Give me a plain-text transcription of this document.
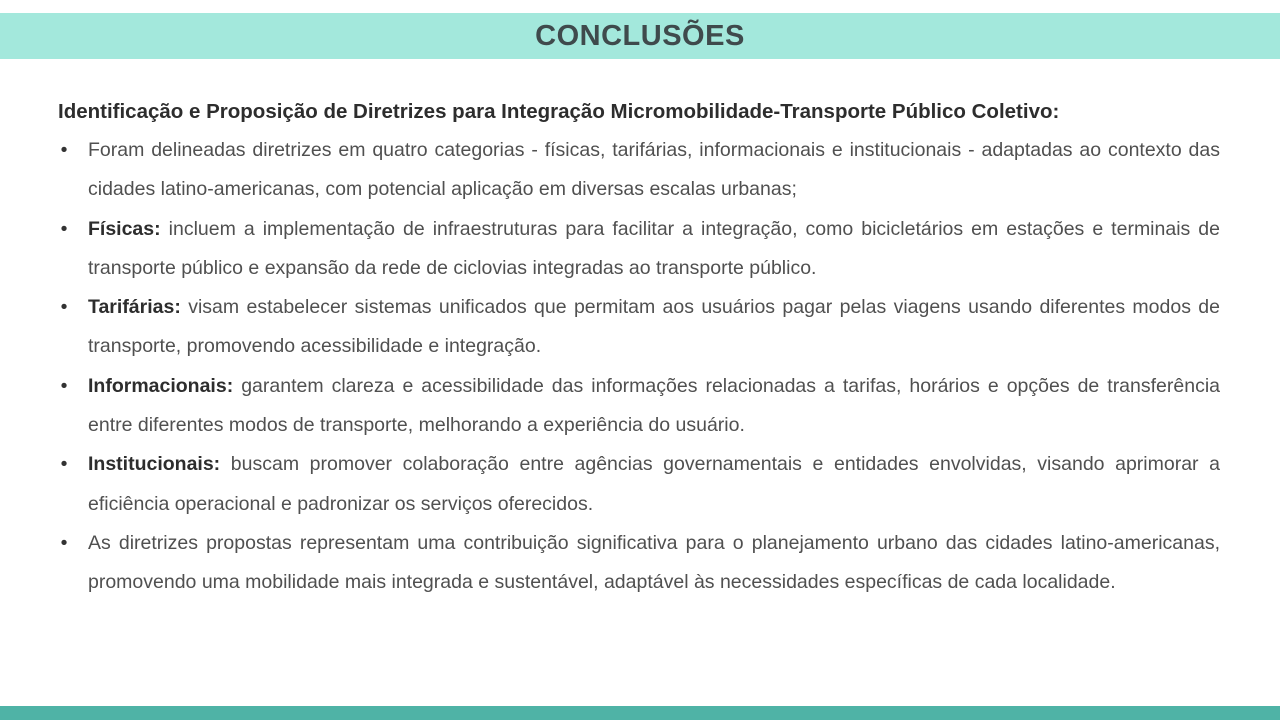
CONCLUSÕES

Identificação e Proposição de Diretrizes para Integração Micromobilidade-Transporte Público Coletivo:

• Foram delineadas diretrizes em quatro categorias - físicas, tarifárias, informacionais e institucionais - adaptadas ao contexto das cidades latino-americanas, com potencial aplicação em diversas escalas urbanas;
• Físicas: incluem a implementação de infraestruturas para facilitar a integração, como bicicletários em estações e terminais de transporte público e expansão da rede de ciclovias integradas ao transporte público.
• Tarifárias: visam estabelecer sistemas unificados que permitam aos usuários pagar pelas viagens usando diferentes modos de transporte, promovendo acessibilidade e integração.
• Informacionais: garantem clareza e acessibilidade das informações relacionadas a tarifas, horários e opções de transferência entre diferentes modos de transporte, melhorando a experiência do usuário.
• Institucionais: buscam promover colaboração entre agências governamentais e entidades envolvidas, visando aprimorar a eficiência operacional e padronizar os serviços oferecidos.
• As diretrizes propostas representam uma contribuição significativa para o planejamento urbano das cidades latino-americanas, promovendo uma mobilidade mais integrada e sustentável, adaptável às necessidades específicas de cada localidade.
